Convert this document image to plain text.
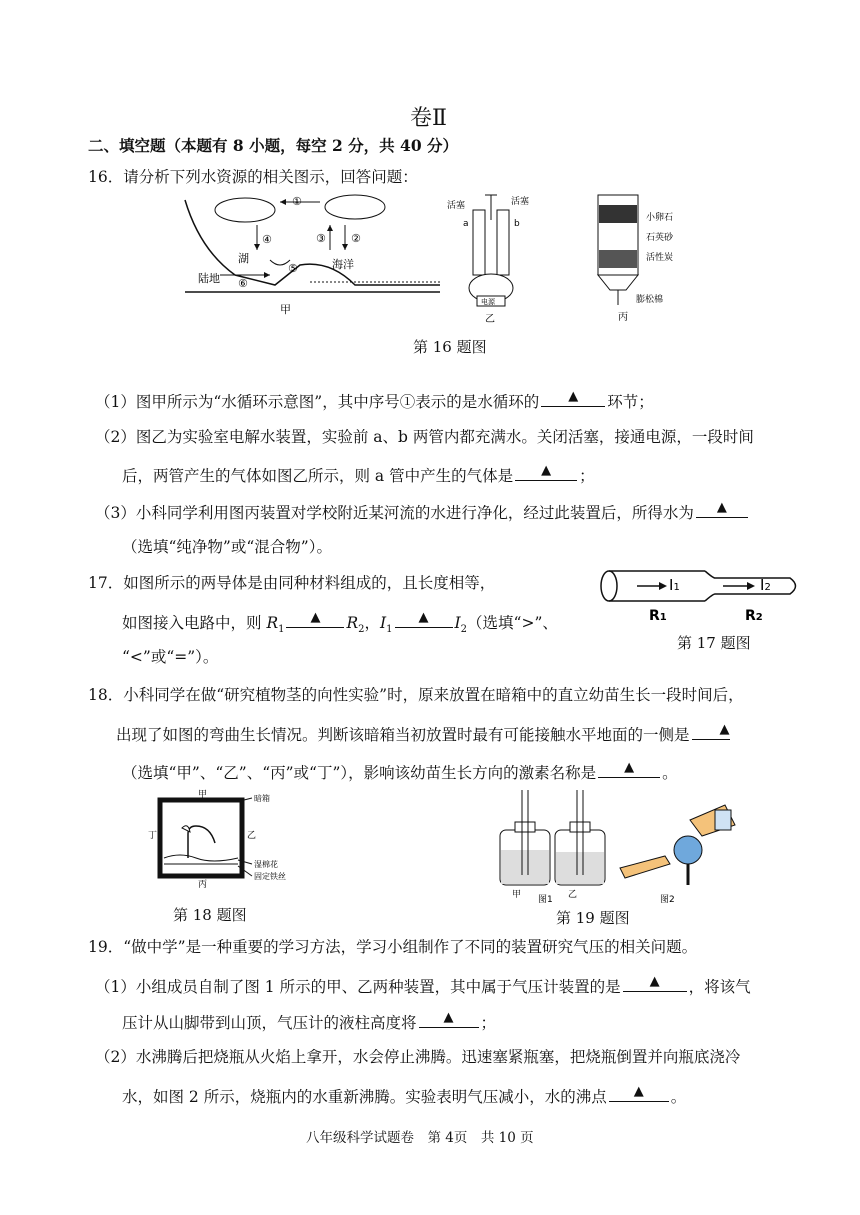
卷Ⅱ
二、填空题（本题有 8 小题，每空 2 分，共 40 分）
16．请分析下列水资源的相关图示，回答问题：
①
②
③
④
⑤
⑥
湖
陆地
海洋
甲
电源
活塞	活塞
a	b
乙
小卵石
石英砂
活性炭
膨松棉
丙
第 16 题图
（1）图甲所示为“水循环示意图”，其中序号①表示的是水循环的 ▲ 环节；
（2）图乙为实验室电解水装置，实验前 a、b 两管内都充满水。关闭活塞，接通电源，一段时间
后，两管产生的气体如图乙所示，则 a 管中产生的气体是 ▲ ；
（3）小科同学利用图丙装置对学校附近某河流的水进行净化，经过此装置后，所得水为 ▲
（选填“纯净物”或“混合物”）。
17．如图所示的两导体是由同种材料组成的，且长度相等，
如图接入电路中，则 $R_1$
▲ $R_2$，$I_1$
▲ $I_2$（选填“>”、
“<”或“=”）。
I1	I2
R1	R2
第 17 题图
18．小科同学在做“研究植物茎的向性实验”时，原来放置在暗箱中的直立幼苗生长一段时间后，
出现了如图的弯曲生长情况。判断该暗箱当初放置时最有可能接触水平地面的一侧是 ▲
（选填“甲”、“乙”、“丙”或“丁”），影响该幼苗生长方向的激素名称是 ▲ 。
甲
丁	乙
丙
暗箱
湿棉花
固定铁丝
第 18 题图
甲	乙
图1	图2
第 19 题图
19．“做中学”是一种重要的学习方法，学习小组制作了不同的装置研究气压的相关问题。
（1）小组成员自制了图 1 所示的甲、乙两种装置，其中属于气压计装置的是 ▲ ，将该气
压计从山脚带到山顶，气压计的液柱高度将 ▲ ；
（2）水沸腾后把烧瓶从火焰上拿开，水会停止沸腾。迅速塞紧瓶塞，把烧瓶倒置并向瓶底浇冷
水，如图 2 所示，烧瓶内的水重新沸腾。实验表明气压减小，水的沸点 ▲ 。
八年级科学试题卷　第 4页　共 10 页
